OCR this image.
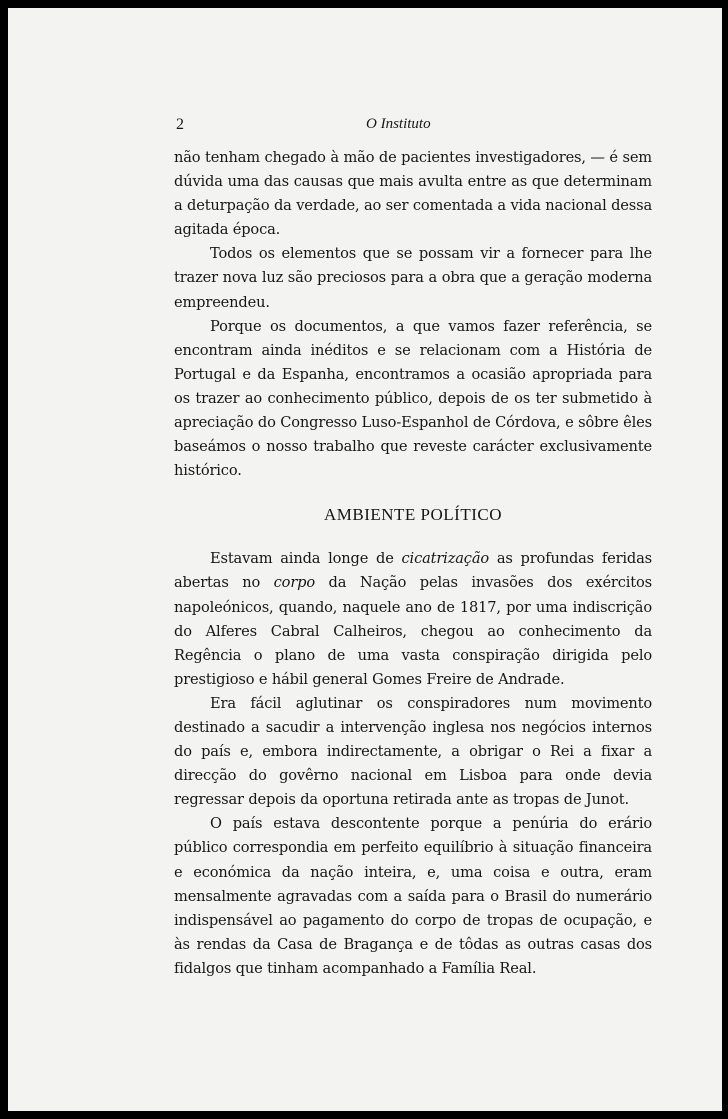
2	O Instituto

não tenham chegado à mão de pacientes investigadores, — é sem dúvida uma das causas que mais avulta entre as que determinam a deturpação da verdade, ao ser comentada a vida nacional dessa agitada época.

Todos os elementos que se possam vir a fornecer para lhe trazer nova luz são preciosos para a obra que a geração moderna empreendeu.

Porque os documentos, a que vamos fazer referência, se encontram ainda inéditos e se relacionam com a História de Portugal e da Espanha, encontramos a ocasião apropriada para os trazer ao conhecimento público, depois de os ter submetido à apreciação do Congresso Luso-Espanhol de Córdova, e sôbre êles baseámos o nosso trabalho que reveste carácter exclusivamente histórico.

AMBIENTE POLÍTICO

Estavam ainda longe de cicatrização as profundas feridas abertas no corpo da Nação pelas invasões dos exércitos napoleónicos, quando, naquele ano de 1817, por uma indiscrição do Alferes Cabral Calheiros, chegou ao conhecimento da Regência o plano de uma vasta conspiração dirigida pelo prestigioso e hábil general Gomes Freire de Andrade.

Era fácil aglutinar os conspiradores num movimento destinado a sacudir a intervenção inglesa nos negócios internos do país e, embora indirectamente, a obrigar o Rei a fixar a direcção do govêrno nacional em Lisboa para onde devia regressar depois da oportuna retirada ante as tropas de Junot.

O país estava descontente porque a penúria do erário público correspondia em perfeito equilíbrio à situação financeira e económica da nação inteira, e, uma coisa e outra, eram mensalmente agravadas com a saída para o Brasil do numerário indispensável ao pagamento do corpo de tropas de ocupação, e às rendas da Casa de Bragança e de tôdas as outras casas dos fidalgos que tinham acompanhado a Família Real.
